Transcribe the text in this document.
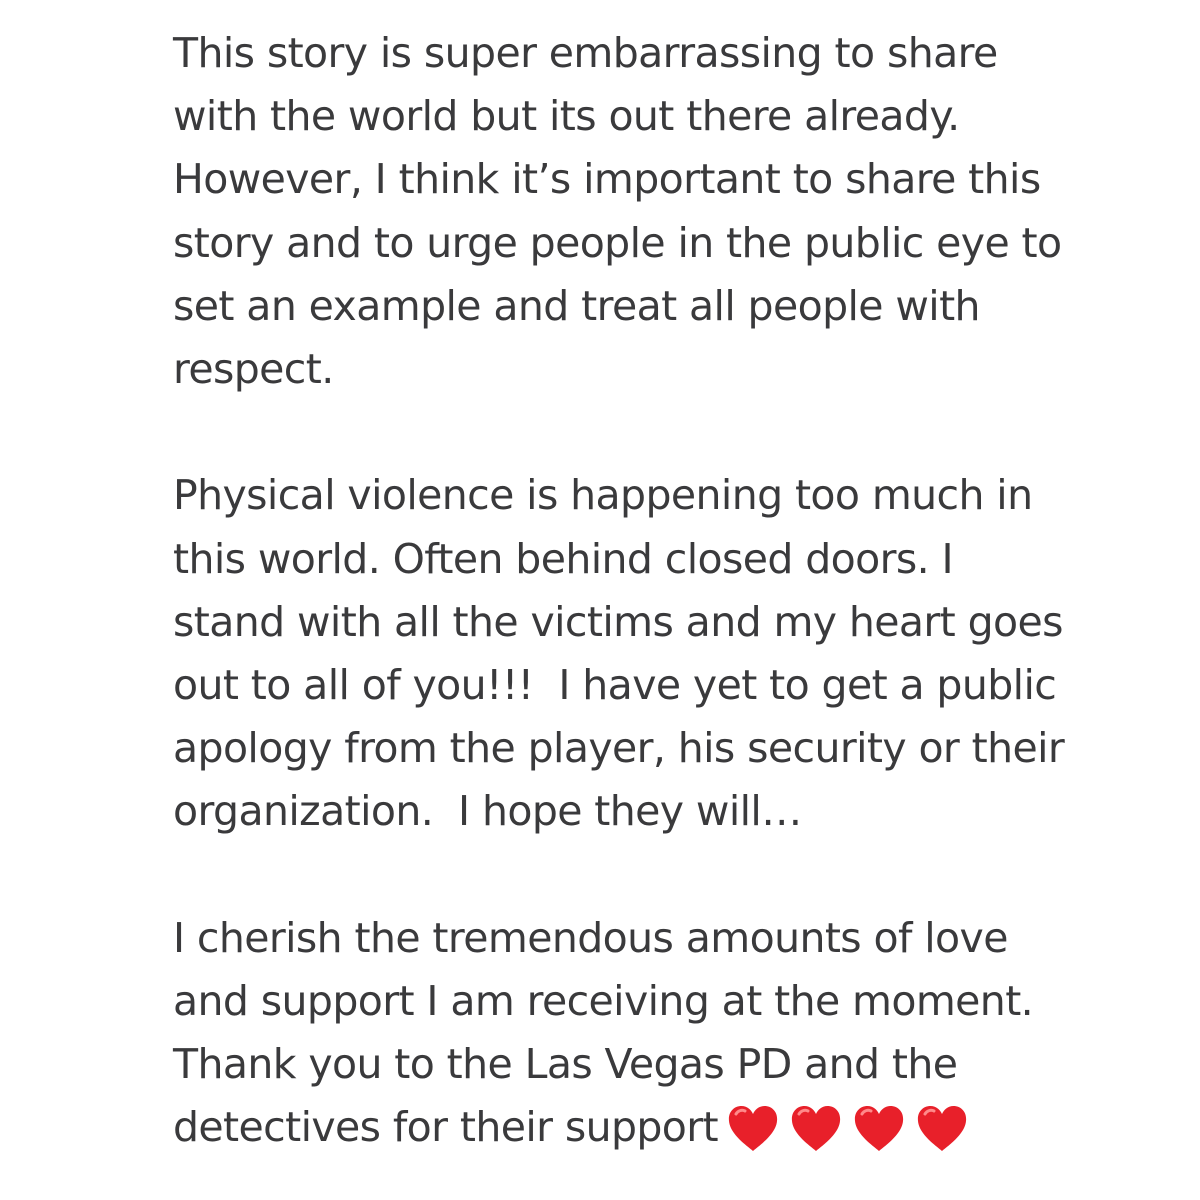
This story is super embarrassing to share
with the world but its out there already.
However, I think it’s important to share this
story and to urge people in the public eye to
set an example and treat all people with
respect.

Physical violence is happening too much in
this world. Often behind closed doors. I
stand with all the victims and my heart goes
out to all of you!!!  I have yet to get a public
apology from the player, his security or their
organization.  I hope they will…

I cherish the tremendous amounts of love
and support I am receiving at the moment.
Thank you to the Las Vegas PD and the
detectives for their support
